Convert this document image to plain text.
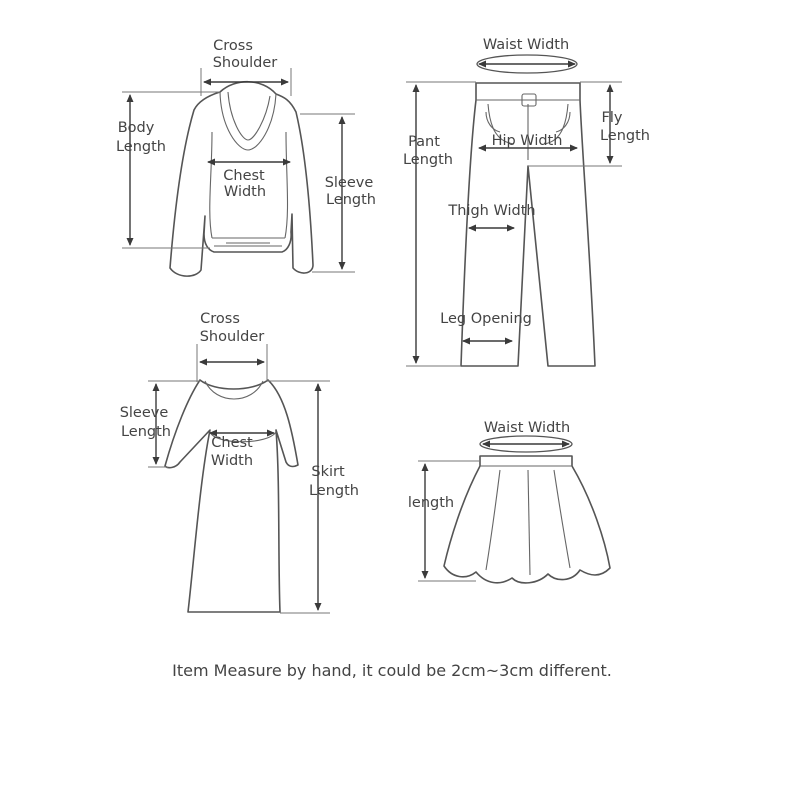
Cross
Shoulder
Body
Length
Chest
Width
Sleeve
Length
Waist Width
Pant
Length
Hip Width
Fly
Length
Thigh Width
Leg Opening
Cross
Shoulder
Sleeve
Length
Chest
Width
Skirt
Length
Waist Width
length
Item Measure by hand, it could be 2cm~3cm different.
